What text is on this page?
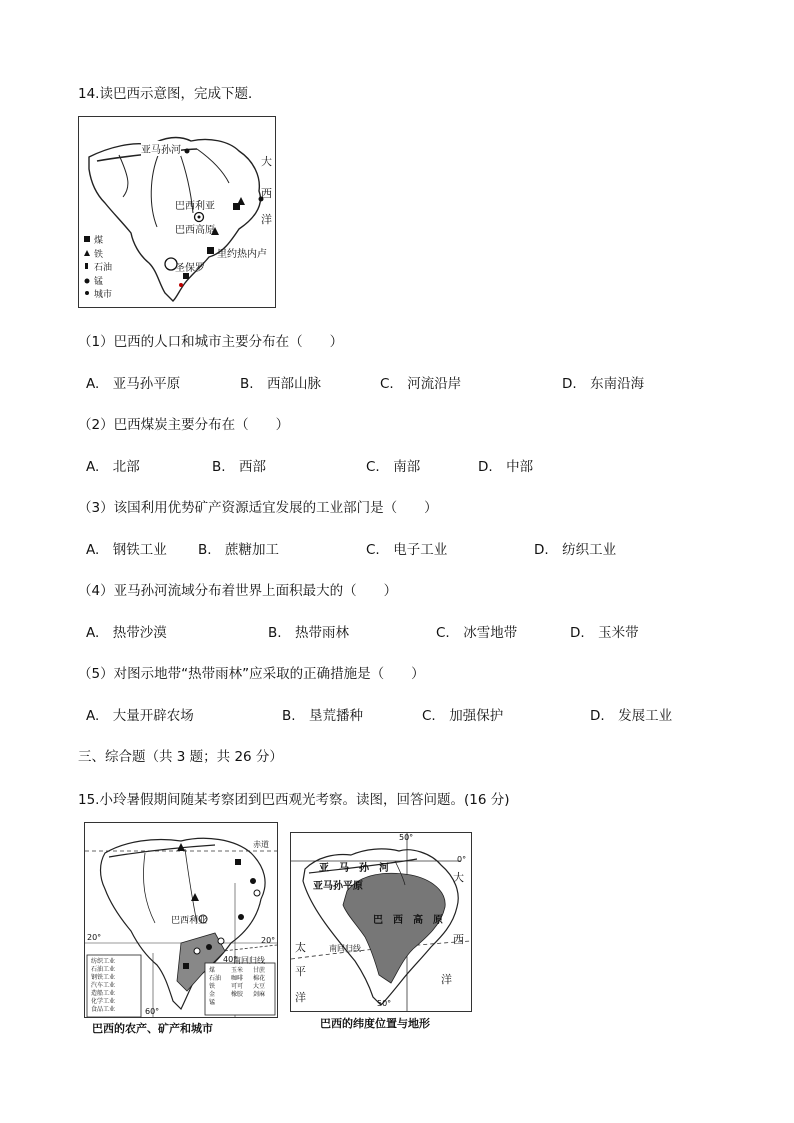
14.读巴西示意图，完成下题．
亚马孙河
巴西利亚
巴西高原
里约热内卢
圣保罗
大
西
洋
煤
铁
石油
锰
城市
（1）巴西的人口和城市主要分布在（　　）
A.　亚马孙平原	B.　西部山脉	C.　河流沿岸	D.　东南沿海
（2）巴西煤炭主要分布在（　　）
A.　北部	B.　西部	C.　南部	D.　中部
（3）该国利用优势矿产资源适宜发展的工业部门是（　　）
A.　钢铁工业 B.　蔗糖加工	C.　电子工业	D.　纺织工业
（4）亚马孙河流域分布着世界上面积最大的（　　）
A.　热带沙漠	B.　热带雨林	C.　冰雪地带	D.　玉米带
（5）对图示地带“热带雨林”应采取的正确措施是（　　）
A.　大量开辟农场	B.　垦荒播种	C.　加强保护	D.　发展工业
三、综合题（共 3 题；共 26 分）
15.小玲暑假期间随某考察团到巴西观光考察。读图，回答问题。(16 分)
赤道
巴西利亚
南回归线
20°	20°
40°
60°
纺织工业
石油工业
钢铁工业
汽车工业
造船工业
化学工业
食品工业
煤
石油
铁
金
锰
玉米
咖啡
可可
橡胶
甘蔗
棉花
大豆
剑麻
巴西的农产、矿产和城市
50°
50°
0°
亚　马　孙　河
亚马孙平原
巴　西　高　原
南回归线
大
西
洋
太
平
洋
巴西的纬度位置与地形
